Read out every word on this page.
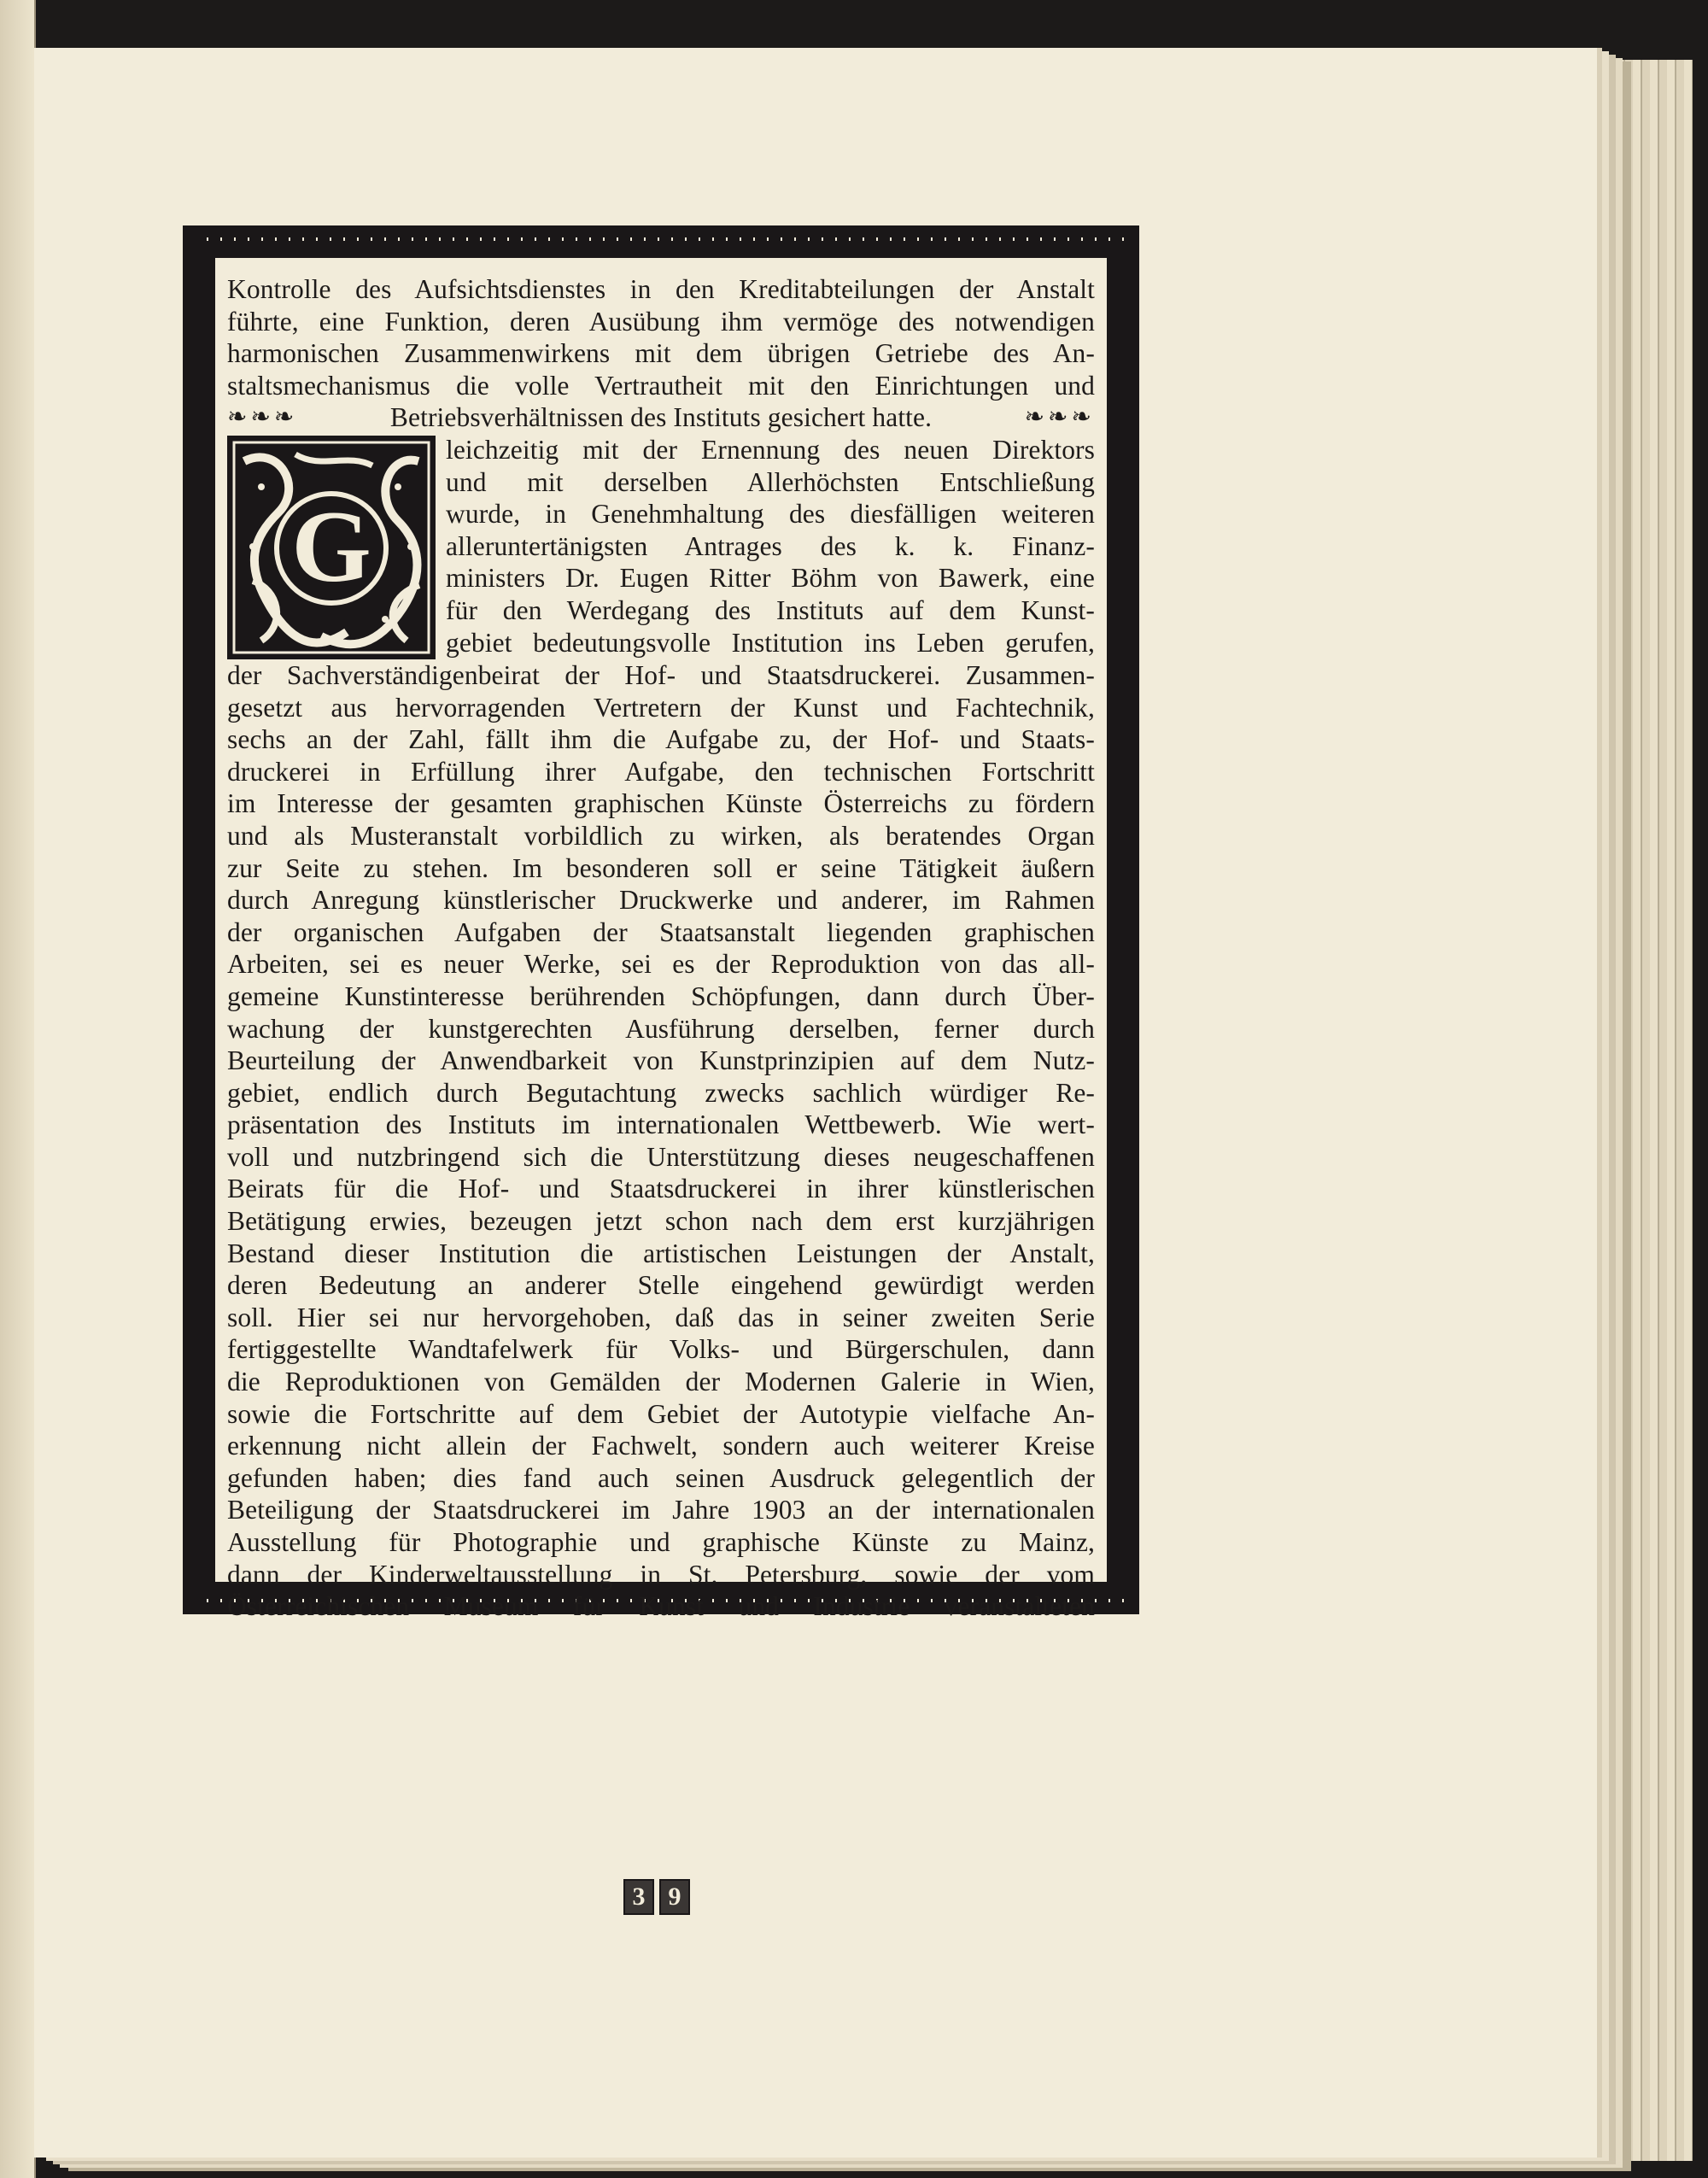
Kontrolle des Aufsichtsdienstes in den Kreditabteilungen der Anstalt
führte, eine Funktion, deren Ausübung ihm vermöge des notwendigen
harmonischen Zusammenwirkens mit dem übrigen Getriebe des An-
staltsmechanismus die volle Vertrautheit mit den Einrichtungen und
❧❧❧	Betriebsverhältnissen des Instituts gesichert hatte.	❧❧❧
G
leichzeitig mit der Ernennung des neuen Direktors
und mit derselben Allerhöchsten Entschließung
wurde, in Genehmhaltung des diesfälligen weiteren
alleruntertänigsten Antrages des k. k. Finanz-
ministers Dr. Eugen Ritter Böhm von Bawerk, eine
für den Werdegang des Instituts auf dem Kunst-
gebiet bedeutungsvolle Institution ins Leben gerufen,
der Sachverständigenbeirat der Hof- und Staatsdruckerei. Zusammen-
gesetzt aus hervorragenden Vertretern der Kunst und Fachtechnik,
sechs an der Zahl, fällt ihm die Aufgabe zu, der Hof- und Staats-
druckerei in Erfüllung ihrer Aufgabe, den technischen Fortschritt
im Interesse der gesamten graphischen Künste Österreichs zu fördern
und als Musteranstalt vorbildlich zu wirken, als beratendes Organ
zur Seite zu stehen. Im besonderen soll er seine Tätigkeit äußern
durch Anregung künstlerischer Druckwerke und anderer, im Rahmen
der organischen Aufgaben der Staatsanstalt liegenden graphischen
Arbeiten, sei es neuer Werke, sei es der Reproduktion von das all-
gemeine Kunstinteresse berührenden Schöpfungen, dann durch Über-
wachung der kunstgerechten Ausführung derselben, ferner durch
Beurteilung der Anwendbarkeit von Kunstprinzipien auf dem Nutz-
gebiet, endlich durch Begutachtung zwecks sachlich würdiger Re-
präsentation des Instituts im internationalen Wettbewerb. Wie wert-
voll und nutzbringend sich die Unterstützung dieses neugeschaffenen
Beirats für die Hof- und Staatsdruckerei in ihrer künstlerischen
Betätigung erwies, bezeugen jetzt schon nach dem erst kurzjährigen
Bestand dieser Institution die artistischen Leistungen der Anstalt,
deren Bedeutung an anderer Stelle eingehend gewürdigt werden
soll. Hier sei nur hervorgehoben, daß das in seiner zweiten Serie
fertiggestellte Wandtafelwerk für Volks- und Bürgerschulen, dann
die Reproduktionen von Gemälden der Modernen Galerie in Wien,
sowie die Fortschritte auf dem Gebiet der Autotypie vielfache An-
erkennung nicht allein der Fachwelt, sondern auch weiterer Kreise
gefunden haben; dies fand auch seinen Ausdruck gelegentlich der
Beteiligung der Staatsdruckerei im Jahre 1903 an der internationalen
Ausstellung für Photographie und graphische Künste zu Mainz,
dann der Kinderweltausstellung in St. Petersburg, sowie der vom
Österreichischen Museum für Kunst und Industrie veranstalteten
3 9
